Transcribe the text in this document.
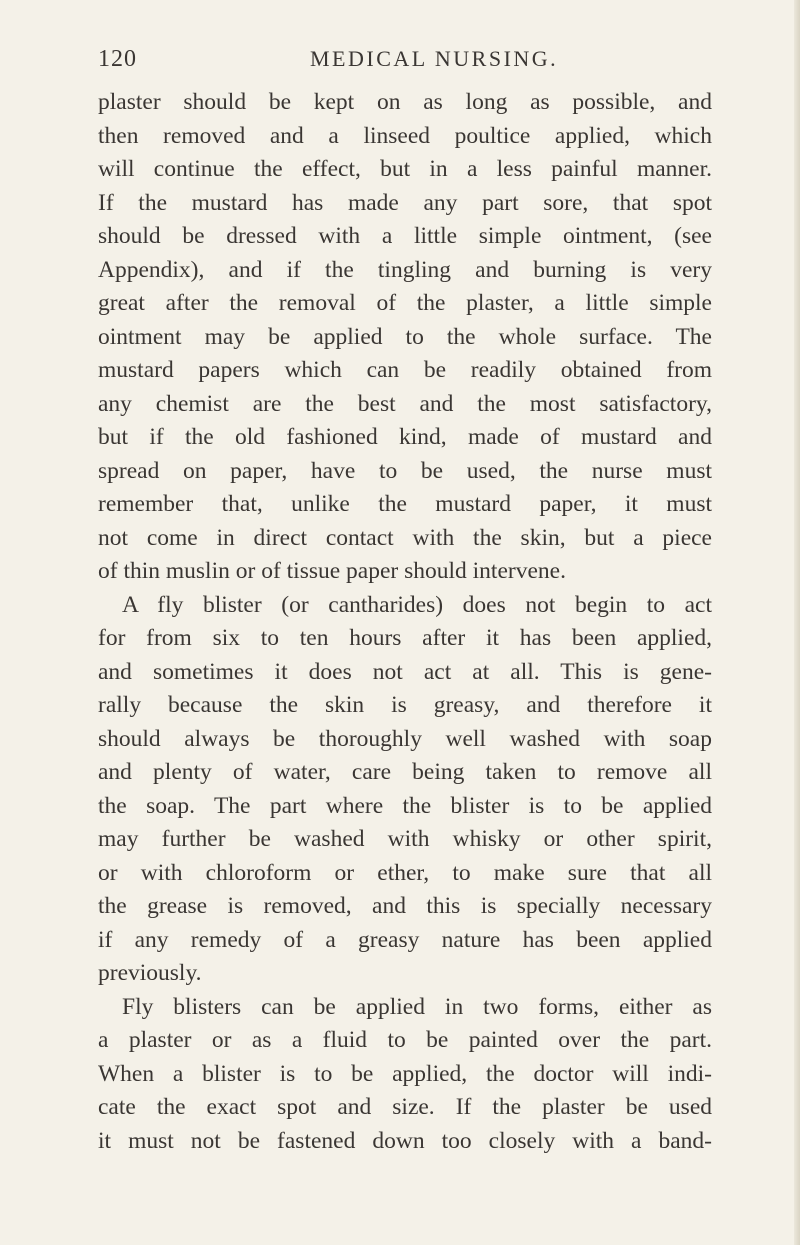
120	MEDICAL NURSING.
plaster should be kept on as long as possible, and
then removed and a linseed poultice applied, which
will continue the effect, but in a less painful manner.
If the mustard has made any part sore, that spot
should be dressed with a little simple ointment, (see
Appendix), and if the tingling and burning is very
great after the removal of the plaster, a little simple
ointment may be applied to the whole surface. The
mustard papers which can be readily obtained from
any chemist are the best and the most satisfactory,
but if the old fashioned kind, made of mustard and
spread on paper, have to be used, the nurse must
remember that, unlike the mustard paper, it must
not come in direct contact with the skin, but a piece
of thin muslin or of tissue paper should intervene.
A fly blister (or cantharides) does not begin to act
for from six to ten hours after it has been applied,
and sometimes it does not act at all. This is gene-
rally because the skin is greasy, and therefore it
should always be thoroughly well washed with soap
and plenty of water, care being taken to remove all
the soap. The part where the blister is to be applied
may further be washed with whisky or other spirit,
or with chloroform or ether, to make sure that all
the grease is removed, and this is specially necessary
if any remedy of a greasy nature has been applied
previously.
Fly blisters can be applied in two forms, either as
a plaster or as a fluid to be painted over the part.
When a blister is to be applied, the doctor will indi-
cate the exact spot and size. If the plaster be used
it must not be fastened down too closely with a band-
